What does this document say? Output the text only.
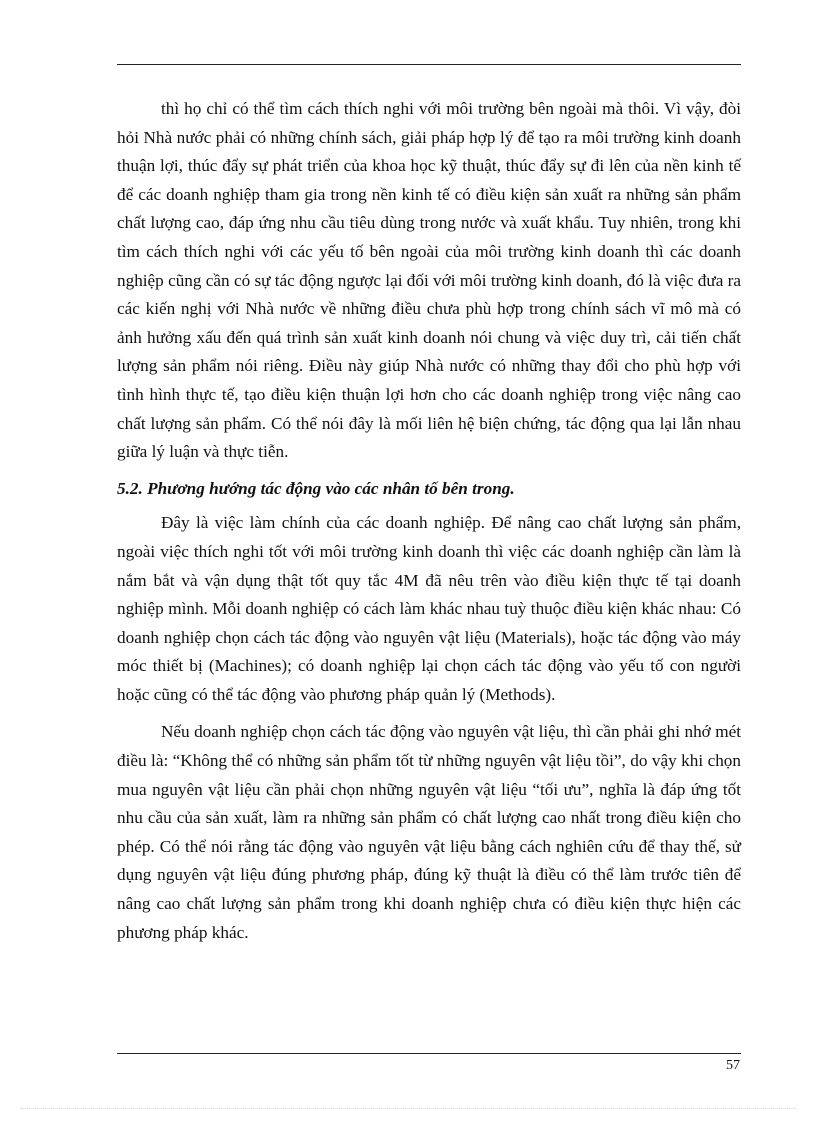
thì họ chỉ có thể tìm cách thích nghi với môi trường bên ngoài mà thôi. Vì vậy, đòi hỏi Nhà nước phải có những chính sách, giải pháp hợp lý để tạo ra môi trường kinh doanh thuận lợi, thúc đẩy sự phát triển của khoa học kỹ thuật, thúc đẩy sự đi lên của nền kinh tế để các doanh nghiệp tham gia trong nền kinh tế có điều kiện sản xuất ra những sản phẩm chất lượng cao, đáp ứng nhu cầu tiêu dùng trong nước và xuất khẩu. Tuy nhiên, trong khi tìm cách thích nghi với các yếu tố bên ngoài của môi trường kinh doanh thì các doanh nghiệp cũng cần có sự tác động ngược lại đối với môi trường kinh doanh, đó là việc đưa ra các kiến nghị với Nhà nước về những điều chưa phù hợp trong chính sách vĩ mô mà có ảnh hưởng xấu đến quá trình sản xuất kinh doanh nói chung và việc duy trì, cải tiến chất lượng sản phẩm nói riêng. Điều này giúp Nhà nước có những thay đổi cho phù hợp với tình hình thực tế, tạo điều kiện thuận lợi hơn cho các doanh nghiệp trong việc nâng cao chất lượng sản phẩm. Có thể nói đây là mối liên hệ biện chứng, tác động qua lại lẫn nhau giữa lý luận và thực tiễn.

5.2. Phương hướng tác động vào các nhân tố bên trong.

Đây là việc làm chính của các doanh nghiệp. Để nâng cao chất lượng sản phẩm, ngoài việc thích nghi tốt với môi trường kinh doanh thì việc các doanh nghiệp cần làm là nắm bắt và vận dụng thật tốt quy tắc 4M đã nêu trên vào điều kiện thực tế tại doanh nghiệp mình. Mỗi doanh nghiệp có cách làm khác nhau tuỳ thuộc điều kiện khác nhau: Có doanh nghiệp chọn cách tác động vào nguyên vật liệu (Materials), hoặc tác động vào máy móc thiết bị (Machines); có doanh nghiệp lại chọn cách tác động vào yếu tố con người hoặc cũng có thể tác động vào phương pháp quản lý (Methods).

Nếu doanh nghiệp chọn cách tác động vào nguyên vật liệu, thì cần phải ghi nhớ mét điều là: “Không thể có những sản phẩm tốt từ những nguyên vật liệu tồi”, do vậy khi chọn mua nguyên vật liệu cần phải chọn những nguyên vật liệu “tối ưu”, nghĩa là đáp ứng tốt nhu cầu của sản xuất, làm ra những sản phẩm có chất lượng cao nhất trong điều kiện cho phép. Có thể nói rằng tác động vào nguyên vật liệu bằng cách nghiên cứu để thay thế, sử dụng nguyên vật liệu đúng phương pháp, đúng kỹ thuật là điều có thể làm trước tiên để nâng cao chất lượng sản phẩm trong khi doanh nghiệp chưa có điều kiện thực hiện các phương pháp khác.

57
